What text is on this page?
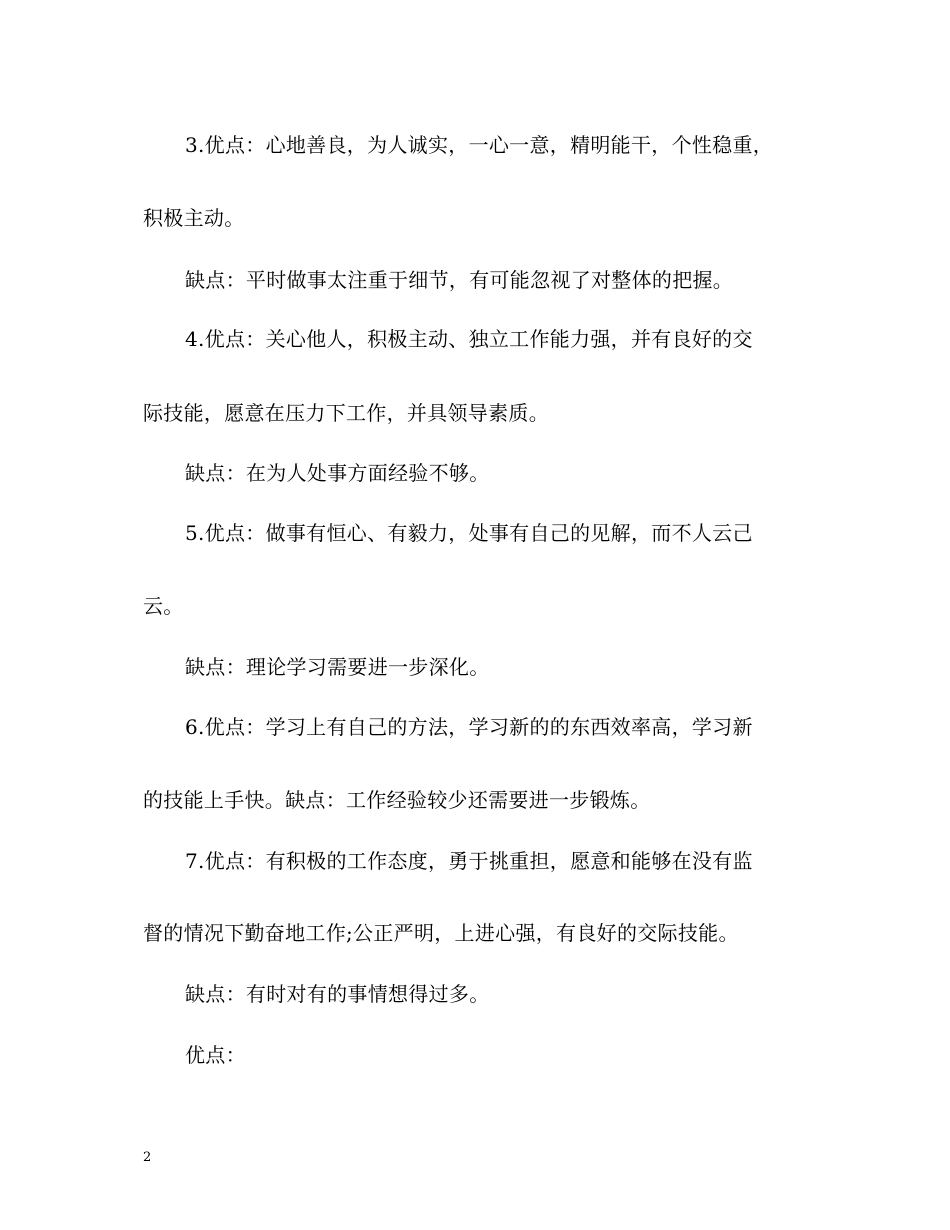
3.优点：心地善良，为人诚实，一心一意，精明能干，个性稳重，
积极主动。
缺点：平时做事太注重于细节，有可能忽视了对整体的把握。
4.优点：关心他人，积极主动、独立工作能力强，并有良好的交
际技能，愿意在压力下工作，并具领导素质。
缺点：在为人处事方面经验不够。
5.优点：做事有恒心、有毅力，处事有自己的见解，而不人云己
云。
缺点：理论学习需要进一步深化。
6.优点：学习上有自己的方法，学习新的的东西效率高，学习新
的技能上手快。缺点：工作经验较少还需要进一步锻炼。
7.优点：有积极的工作态度，勇于挑重担，愿意和能够在没有监
督的情况下勤奋地工作;公正严明，上进心强，有良好的交际技能。
缺点：有时对有的事情想得过多。
优点：
2
